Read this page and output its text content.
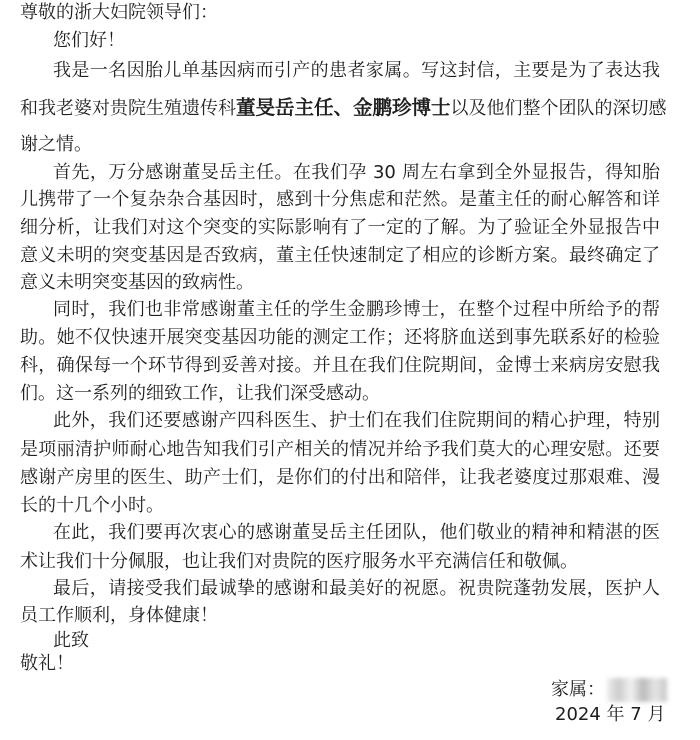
尊敬的浙大妇院领导们：
您们好！
我是一名因胎儿单基因病而引产的患者家属。写这封信，主要是为了表达我
和我老婆对贵院生殖遗传科董旻岳主任、金鹏珍博士以及他们整个团队的深切感
谢之情。
首先，万分感谢董旻岳主任。在我们孕 30 周左右拿到全外显报告，得知胎
儿携带了一个复杂杂合基因时，感到十分焦虑和茫然。是董主任的耐心解答和详
细分析，让我们对这个突变的实际影响有了一定的了解。为了验证全外显报告中
意义未明的突变基因是否致病，董主任快速制定了相应的诊断方案。最终确定了
意义未明突变基因的致病性。
同时，我们也非常感谢董主任的学生金鹏珍博士，在整个过程中所给予的帮
助。她不仅快速开展突变基因功能的测定工作；还将脐血送到事先联系好的检验
科，确保每一个环节得到妥善对接。并且在我们住院期间，金博士来病房安慰我
们。这一系列的细致工作，让我们深受感动。
此外，我们还要感谢产四科医生、护士们在我们住院期间的精心护理，特别
是项丽清护师耐心地告知我们引产相关的情况并给予我们莫大的心理安慰。还要
感谢产房里的医生、助产士们，是你们的付出和陪伴，让我老婆度过那艰难、漫
长的十几个小时。
在此，我们要再次衷心的感谢董旻岳主任团队，他们敬业的精神和精湛的医
术让我们十分佩服，也让我们对贵院的医疗服务水平充满信任和敬佩。
最后，请接受我们最诚挚的感谢和最美好的祝愿。祝贵院蓬勃发展，医护人
员工作顺利，身体健康！
此致
敬礼！
家属：
2024 年 7 月
